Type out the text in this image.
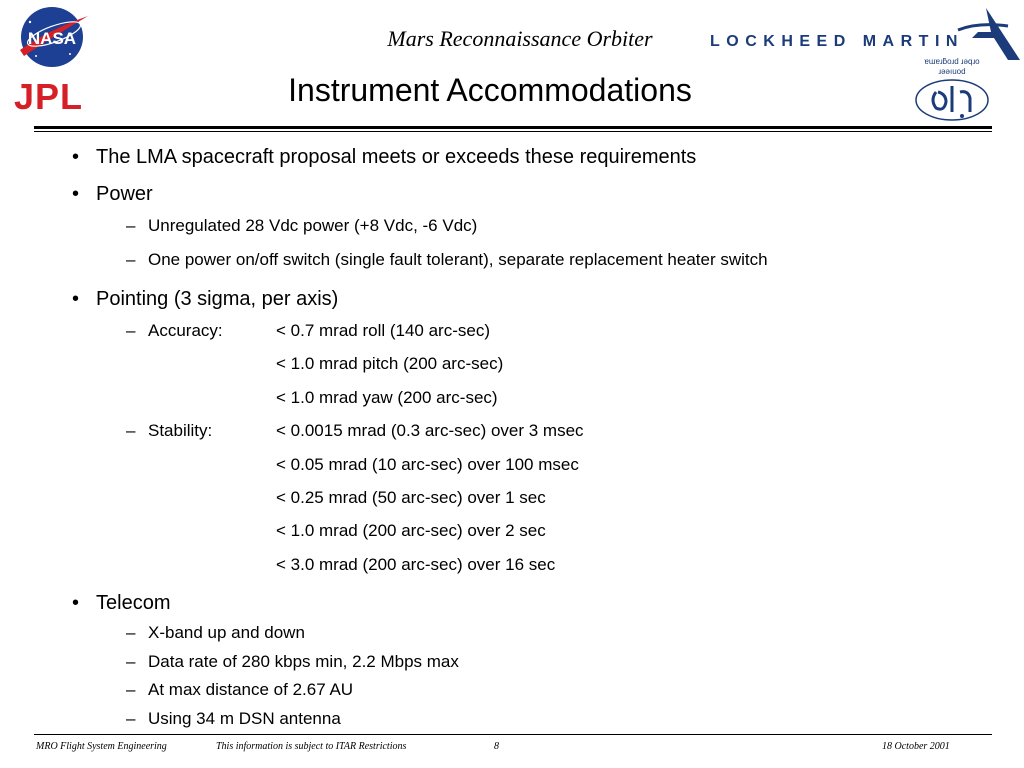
NASA
JPL
LOCKHEED MARTIN
ɐɯɐɹƃoɹd ɹǝqɹo
ɹǝǝıuod
Mars Reconnaissance Orbiter
Instrument Accommodations
• The LMA spacecraft proposal meets or exceeds these requirements
• Power
– Unregulated 28 Vdc power (+8 Vdc, -6 Vdc)
– One power on/off switch (single fault tolerant), separate replacement heater switch
• Pointing (3 sigma, per axis)
– Accuracy:	< 0.7 mrad roll (140 arc-sec)
< 1.0 mrad pitch (200 arc-sec)
< 1.0 mrad yaw (200 arc-sec)
– Stability:	< 0.0015 mrad (0.3 arc-sec) over 3 msec
< 0.05 mrad (10 arc-sec) over 100 msec
< 0.25 mrad (50 arc-sec) over 1 sec
< 1.0 mrad (200 arc-sec) over 2 sec
< 3.0 mrad (200 arc-sec) over 16 sec
• Telecom
– X-band up and down
– Data rate of 280 kbps min, 2.2 Mbps max
– At max distance of 2.67 AU
– Using 34 m DSN antenna
MRO Flight System Engineering	This information is subject to ITAR Restrictions	8	18 October 2001
